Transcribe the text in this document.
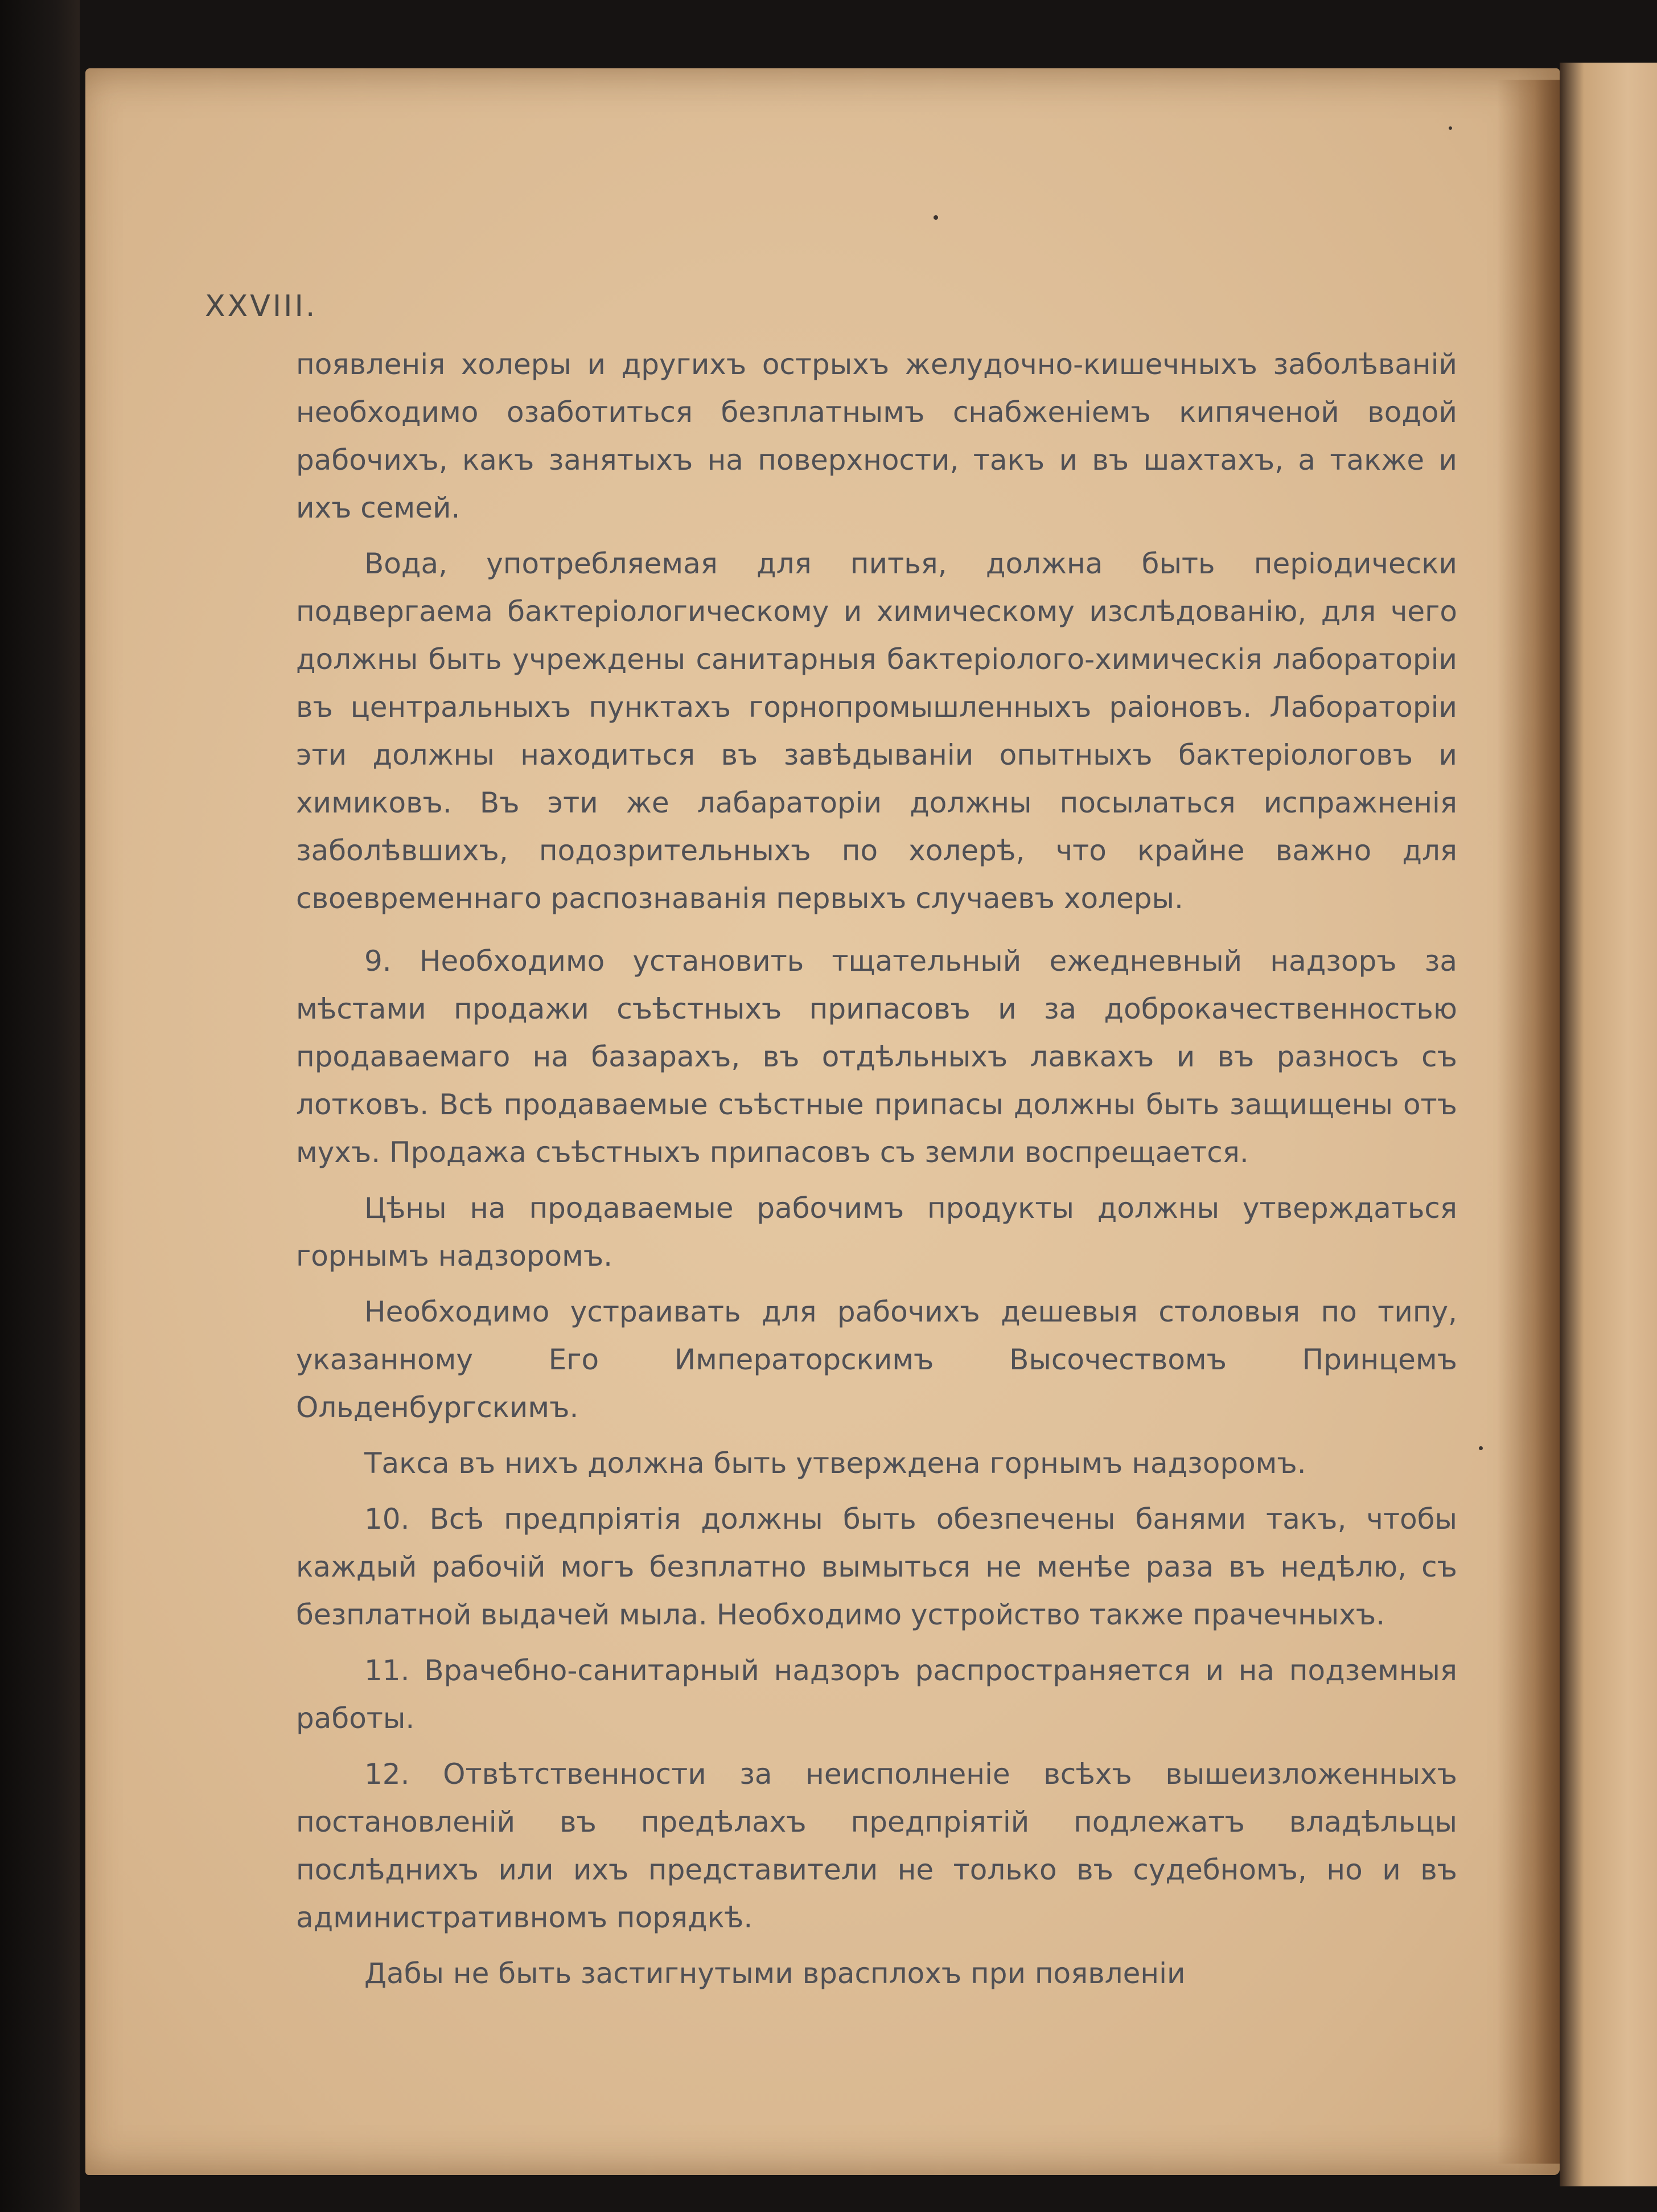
XXVIII.

появленія холеры и другихъ острыхъ желудочно-кишечныхъ заболѣваній необходимо озаботиться безплатнымъ снабженіемъ кипяченой водой рабочихъ, какъ занятыхъ на поверхности, такъ и въ шахтахъ, а также и ихъ семей.

Вода, употребляемая для питья, должна быть періодически подвергаема бактеріологическому и химическому изслѣдованію, для чего должны быть учреждены санитарныя бактеріолого-химическія лабораторіи въ центральныхъ пунктахъ горнопромышленныхъ раіоновъ. Лабораторіи эти должны находиться въ завѣдываніи опытныхъ бактеріологовъ и химиковъ. Въ эти же лабараторіи должны посылаться испражненія заболѣвшихъ, подозрительныхъ по холерѣ, что крайне важно для своевременнаго распознаванія первыхъ случаевъ холеры.

9. Необходимо установить тщательный ежедневный надзоръ за мѣстами продажи съѣстныхъ припасовъ и за доброкачественностью продаваемаго на базарахъ, въ отдѣльныхъ лавкахъ и въ разносъ съ лотковъ. Всѣ продаваемые съѣстные припасы должны быть защищены отъ мухъ. Продажа съѣстныхъ припасовъ съ земли воспрещается.

Цѣны на продаваемые рабочимъ продукты должны утверждаться горнымъ надзоромъ.

Необходимо устраивать для рабочихъ дешевыя столовыя по типу, указанному Его Императорскимъ Высочествомъ Принцемъ Ольденбургскимъ.

Такса въ нихъ должна быть утверждена горнымъ надзоромъ.

10. Всѣ предпріятія должны быть обезпечены банями такъ, чтобы каждый рабочій могъ безплатно вымыться не менѣе раза въ недѣлю, съ безплатной выдачей мыла. Необходимо устройство также прачечныхъ.

11. Врачебно-санитарный надзоръ распространяется и на подземныя работы.

12. Отвѣтственности за неисполненіе всѣхъ вышеизложенныхъ постановленій въ предѣлахъ предпріятій подлежатъ владѣльцы послѣднихъ или ихъ представители не только въ судебномъ, но и въ административномъ порядкѣ.

Дабы не быть застигнутыми врасплохъ при появленіи
